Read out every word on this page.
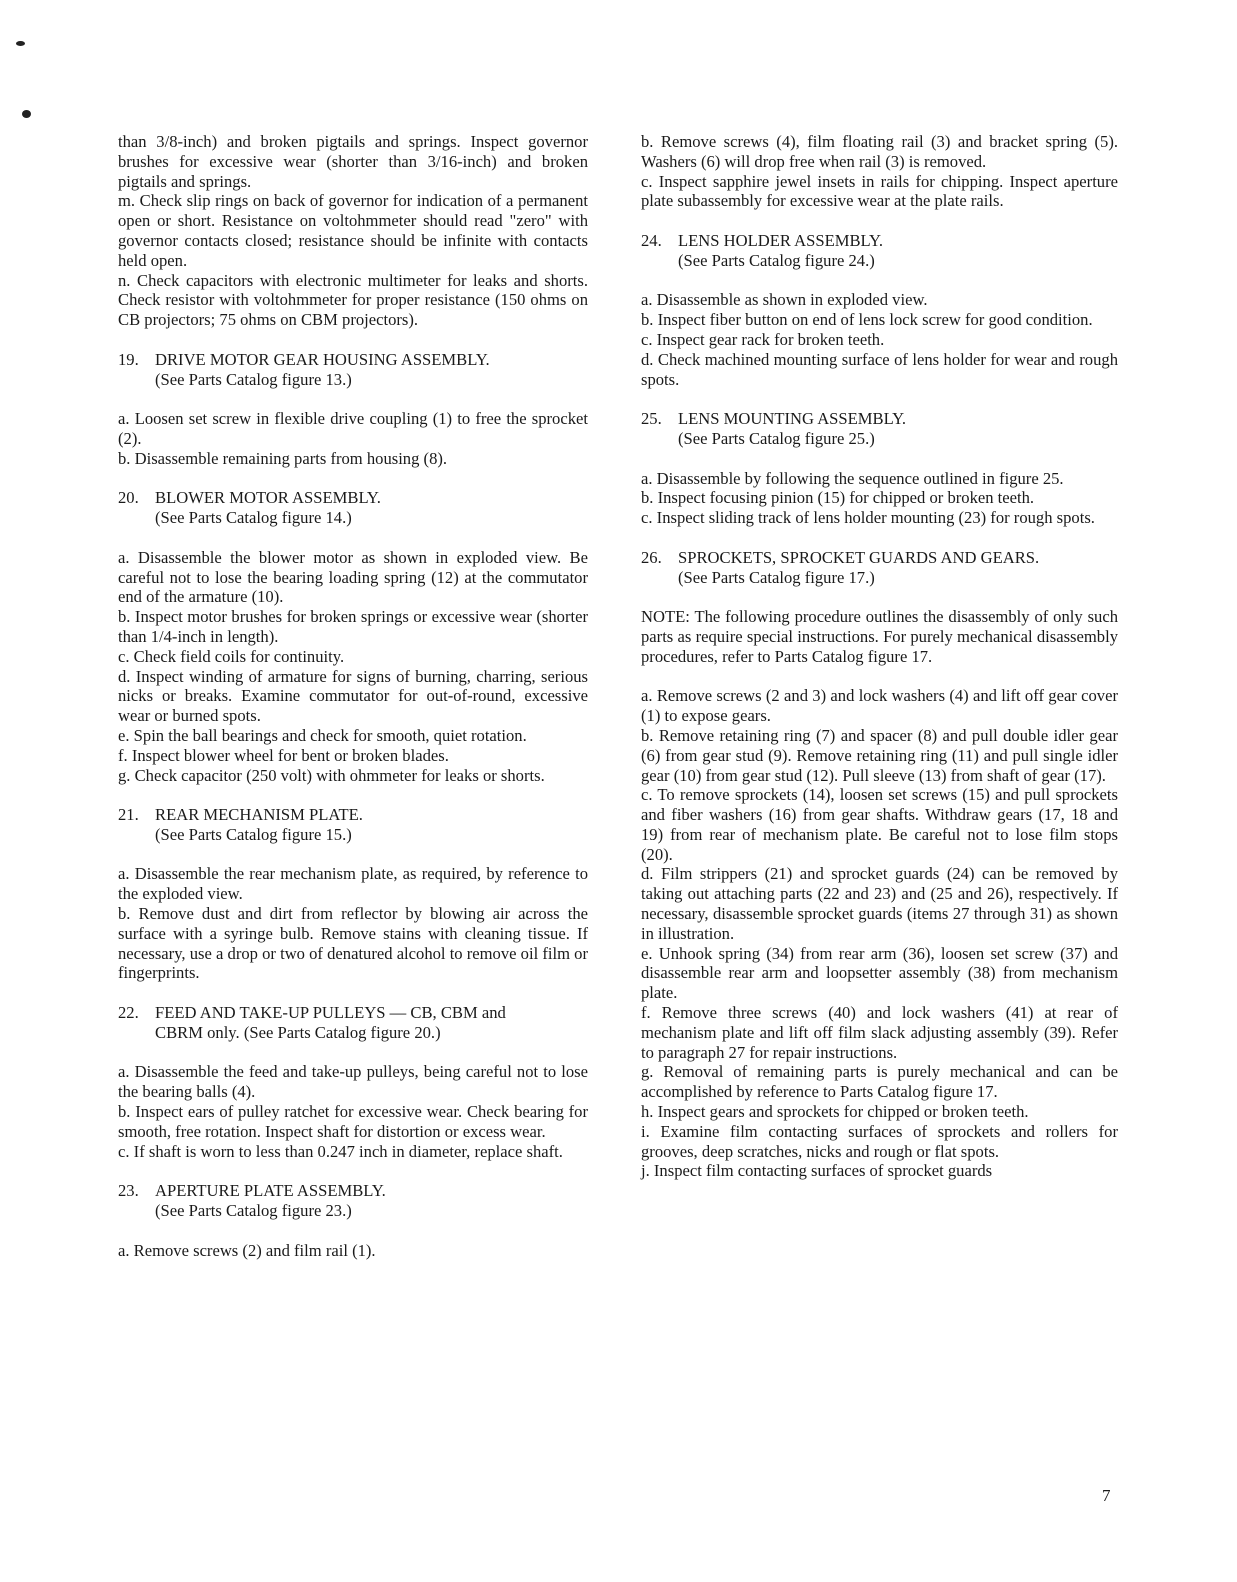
than 3/8-inch) and broken pigtails and springs. Inspect governor brushes for excessive wear (shorter than 3/16-inch) and broken pigtails and springs.

m. Check slip rings on back of governor for indication of a permanent open or short. Resistance on voltohmmeter should read "zero" with governor contacts closed; resistance should be infinite with contacts held open.

n. Check capacitors with electronic multimeter for leaks and shorts. Check resistor with voltohmmeter for proper resistance (150 ohms on CB projectors; 75 ohms on CBM projectors).

19. DRIVE MOTOR GEAR HOUSING ASSEMBLY.
(See Parts Catalog figure 13.)

a. Loosen set screw in flexible drive coupling (1) to free the sprocket (2).

b. Disassemble remaining parts from housing (8).

20. BLOWER MOTOR ASSEMBLY.
(See Parts Catalog figure 14.)

a. Disassemble the blower motor as shown in exploded view. Be careful not to lose the bearing loading spring (12) at the commutator end of the armature (10).

b. Inspect motor brushes for broken springs or excessive wear (shorter than 1/4-inch in length).

c. Check field coils for continuity.

d. Inspect winding of armature for signs of burning, charring, serious nicks or breaks. Examine commutator for out-of-round, excessive wear or burned spots.

e. Spin the ball bearings and check for smooth, quiet rotation.

f. Inspect blower wheel for bent or broken blades.

g. Check capacitor (250 volt) with ohmmeter for leaks or shorts.

21. REAR MECHANISM PLATE.
(See Parts Catalog figure 15.)

a. Disassemble the rear mechanism plate, as required, by reference to the exploded view.

b. Remove dust and dirt from reflector by blowing air across the surface with a syringe bulb. Remove stains with cleaning tissue. If necessary, use a drop or two of denatured alcohol to remove oil film or fingerprints.

22. FEED AND TAKE-UP PULLEYS — CB, CBM and
CBRM only. (See Parts Catalog figure 20.)

a. Disassemble the feed and take-up pulleys, being careful not to lose the bearing balls (4).

b. Inspect ears of pulley ratchet for excessive wear. Check bearing for smooth, free rotation. Inspect shaft for distortion or excess wear.

c. If shaft is worn to less than 0.247 inch in diameter, replace shaft.

23. APERTURE PLATE ASSEMBLY.
(See Parts Catalog figure 23.)

a. Remove screws (2) and film rail (1).

b. Remove screws (4), film floating rail (3) and bracket spring (5). Washers (6) will drop free when rail (3) is removed.

c. Inspect sapphire jewel insets in rails for chipping. Inspect aperture plate subassembly for excessive wear at the plate rails.

24. LENS HOLDER ASSEMBLY.
(See Parts Catalog figure 24.)

a. Disassemble as shown in exploded view.

b. Inspect fiber button on end of lens lock screw for good condition.

c. Inspect gear rack for broken teeth.

d. Check machined mounting surface of lens holder for wear and rough spots.

25. LENS MOUNTING ASSEMBLY.
(See Parts Catalog figure 25.)

a. Disassemble by following the sequence outlined in figure 25.

b. Inspect focusing pinion (15) for chipped or broken teeth.

c. Inspect sliding track of lens holder mounting (23) for rough spots.

26. SPROCKETS, SPROCKET GUARDS AND GEARS.
(See Parts Catalog figure 17.)

NOTE: The following procedure outlines the disassembly of only such parts as require special instructions. For purely mechanical disassembly procedures, refer to Parts Catalog figure 17.

a. Remove screws (2 and 3) and lock washers (4) and lift off gear cover (1) to expose gears.

b. Remove retaining ring (7) and spacer (8) and pull double idler gear (6) from gear stud (9). Remove retaining ring (11) and pull single idler gear (10) from gear stud (12). Pull sleeve (13) from shaft of gear (17).

c. To remove sprockets (14), loosen set screws (15) and pull sprockets and fiber washers (16) from gear shafts. Withdraw gears (17, 18 and 19) from rear of mechanism plate. Be careful not to lose film stops (20).

d. Film strippers (21) and sprocket guards (24) can be removed by taking out attaching parts (22 and 23) and (25 and 26), respectively. If necessary, disassemble sprocket guards (items 27 through 31) as shown in illustration.

e. Unhook spring (34) from rear arm (36), loosen set screw (37) and disassemble rear arm and loopsetter assembly (38) from mechanism plate.

f. Remove three screws (40) and lock washers (41) at rear of mechanism plate and lift off film slack adjusting assembly (39). Refer to paragraph 27 for repair instructions.

g. Removal of remaining parts is purely mechanical and can be accomplished by reference to Parts Catalog figure 17.

h. Inspect gears and sprockets for chipped or broken teeth.

i. Examine film contacting surfaces of sprockets and rollers for grooves, deep scratches, nicks and rough or flat spots.

j. Inspect film contacting surfaces of sprocket guards

7
